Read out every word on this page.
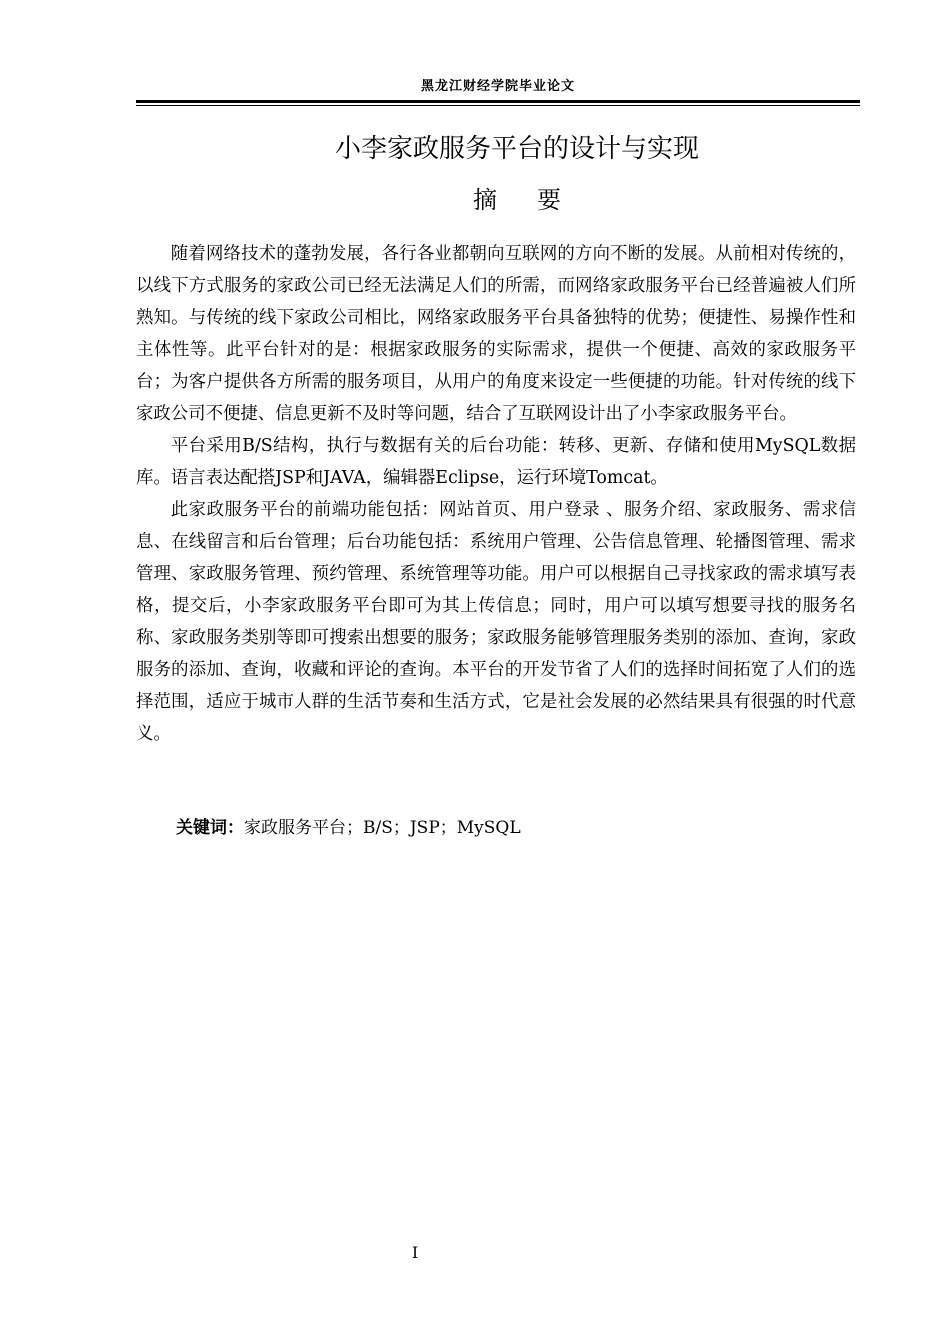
黑龙江财经学院毕业论文
小李家政服务平台的设计与实现
摘要

随着网络技术的蓬勃发展，各行各业都朝向互联网的方向不断的发展。从前相对传统的，以线下方式服务的家政公司已经无法满足人们的所需，而网络家政服务平台已经普遍被人们所熟知。与传统的线下家政公司相比，网络家政服务平台具备独特的优势；便捷性、易操作性和主体性等。此平台针对的是：根据家政服务的实际需求，提供一个便捷、高效的家政服务平台；为客户提供各方所需的服务项目，从用户的角度来设定一些便捷的功能。针对传统的线下家政公司不便捷、信息更新不及时等问题，结合了互联网设计出了小李家政服务平台。

平台采用B/S结构，执行与数据有关的后台功能：转移、更新、存储和使用MySQL数据库。语言表达配搭JSP和JAVA，编辑器Eclipse，运行环境Tomcat。

此家政服务平台的前端功能包括：网站首页、用户登录 、服务介绍、家政服务、需求信息、在线留言和后台管理；后台功能包括：系统用户管理、公告信息管理、轮播图管理、需求管理、家政服务管理、预约管理、系统管理等功能。用户可以根据自己寻找家政的需求填写表格，提交后，小李家政服务平台即可为其上传信息；同时，用户可以填写想要寻找的服务名称、家政服务类别等即可搜索出想要的服务；家政服务能够管理服务类别的添加、查询，家政服务的添加、查询，收藏和评论的查询。本平台的开发节省了人们的选择时间拓宽了人们的选择范围，适应于城市人群的生活节奏和生活方式，它是社会发展的必然结果具有很强的时代意义。

关键词：家政服务平台；B/S；JSP；MySQL
I
